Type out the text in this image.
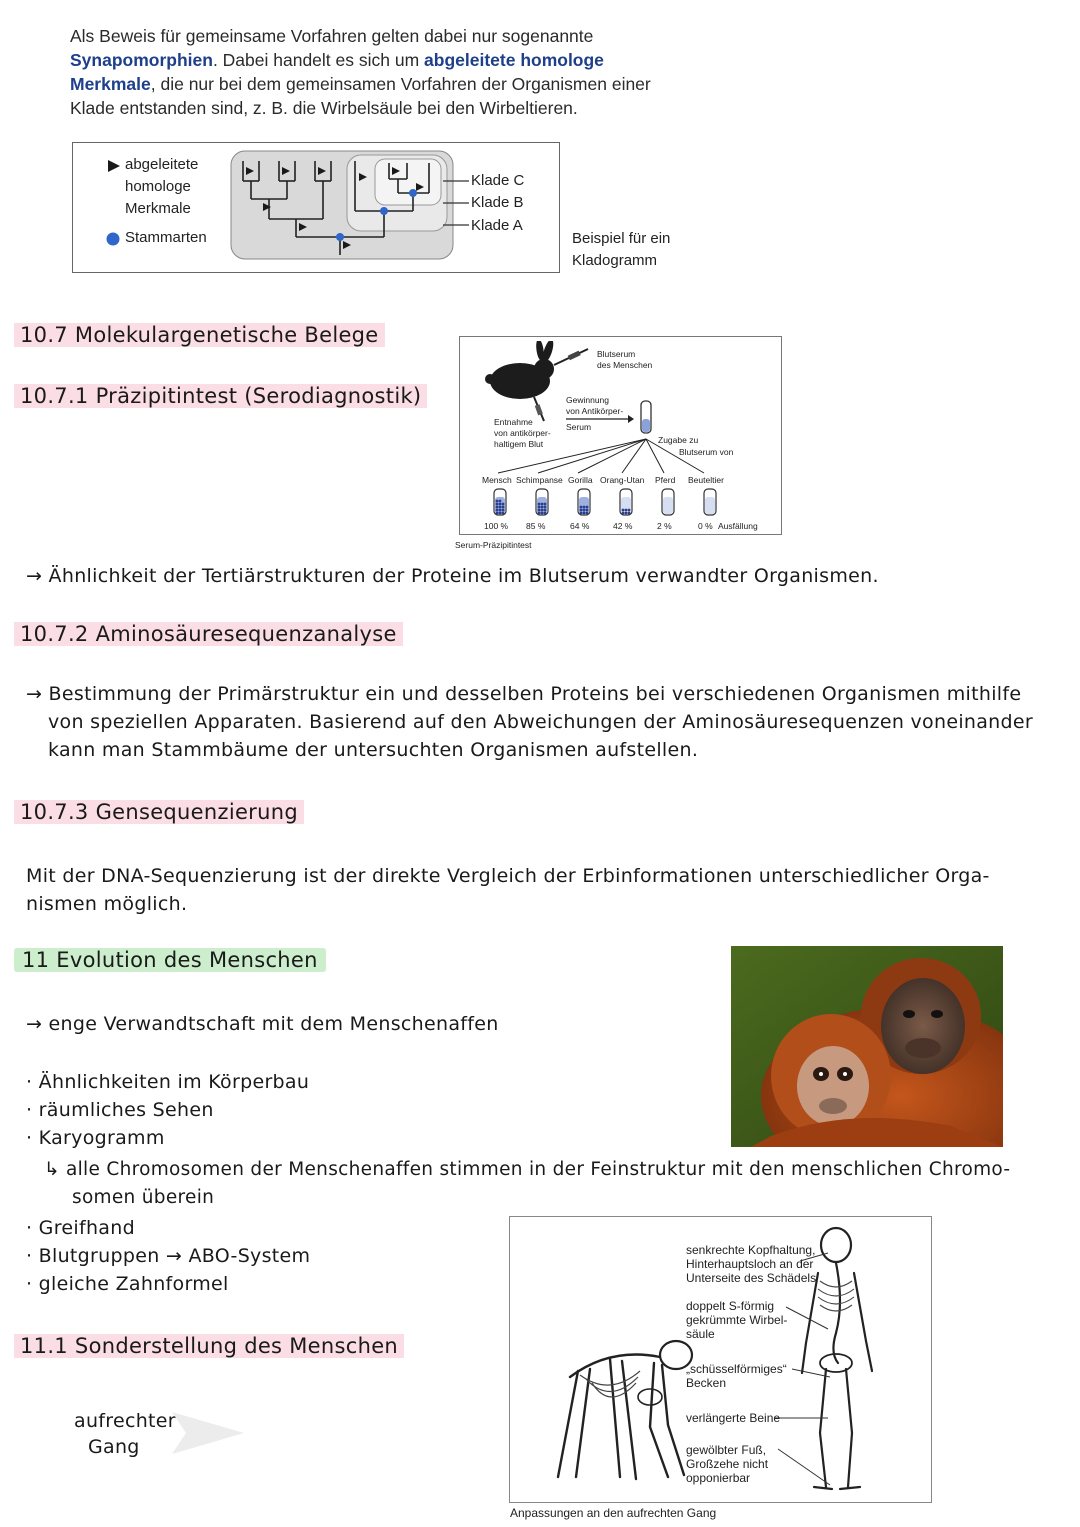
Als Beweis für gemeinsame Vorfahren gelten dabei nur sogenannte Synapomorphien. Dabei handelt es sich um abgeleitete homologe Merkmale, die nur bei dem gemeinsamen Vorfahren der Organismen einer Klade entstanden sind, z. B. die Wirbelsäule bei den Wirbeltieren.
abgeleitete
homologe
Merkmale
Stammarten
Klade C
Klade B
Klade A
Beispiel für ein
Kladogramm
10.7 Molekulargenetische Belege
10.7.1 Präzipitintest (Serodiagnostik)
Blutserum
des Menschen
Entnahme
von antikörper-
haltigem Blut
Gewinnung
von Antikörper-
Serum
Zugabe zu
Blutserum von
Mensch Schimpanse Gorilla Orang-Utan Pferd Beuteltier
100 % 85 %	64 %	42 %	2 %	0 % Ausfällung
Serum-Präzipitintest
→ Ähnlichkeit der Tertiärstrukturen der Proteine im Blutserum verwandter Organismen.
10.7.2 Aminosäuresequenzanalyse
→ Bestimmung der Primärstruktur ein und desselben Proteins bei verschiedenen Organismen mithilfe
von speziellen Apparaten. Basierend auf den Abweichungen der Aminosäuresequenzen voneinander
kann man Stammbäume der untersuchten Organismen aufstellen.
10.7.3 Gensequenzierung
Mit der DNA-Sequenzierung ist der direkte Vergleich der Erbinformationen unterschiedlicher Orga-
nismen möglich.
11 Evolution des Menschen
→ enge Verwandtschaft mit dem Menschenaffen
· Ähnlichkeiten im Körperbau
· räumliches Sehen
· Karyogramm
↳ alle Chromosomen der Menschenaffen stimmen in der Feinstruktur mit den menschlichen Chromo-
somen überein
· Greifhand
· Blutgruppen → ABO-System
· gleiche Zahnformel
11.1 Sonderstellung des Menschen
aufrechter
Gang
senkrechte Kopfhaltung,
Hinterhauptsloch an der
Unterseite des Schädels
doppelt S-förmig
gekrümmte Wirbel-
säule
„schüsselförmiges“
Becken
verlängerte Beine
gewölbter Fuß,
Großzehe nicht
opponierbar
Anpassungen an den aufrechten Gang
